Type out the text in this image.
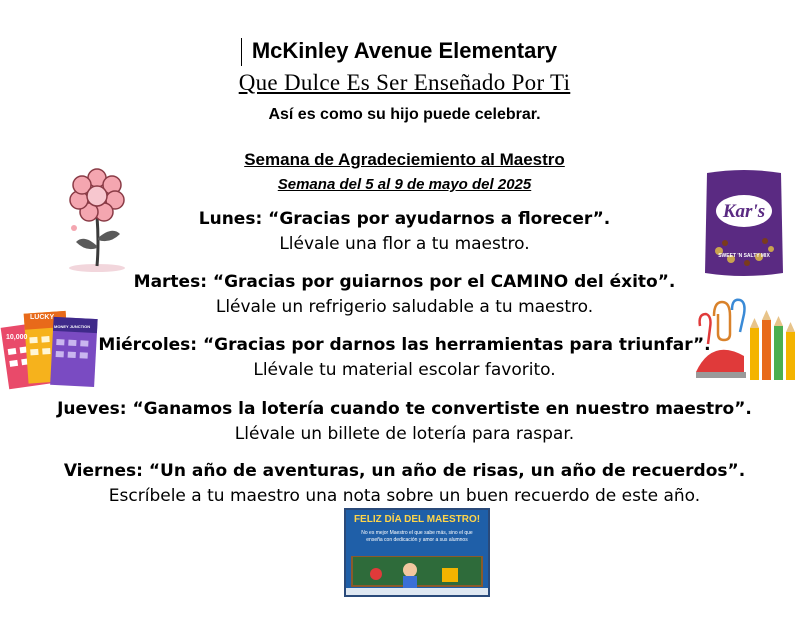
McKinley Avenue Elementary
Que Dulce Es Ser Enseñado Por Ti
Así es como su hijo puede celebrar.
Semana de Agradeciemiento al Maestro
Semana del 5 al 9 de mayo del 2025
Lunes: “Gracias por ayudarnos a florecer”.
Llévale una flor a tu maestro.
Martes: “Gracias por guiarnos por el CAMINO del éxito”.
Llévale un refrigerio saludable a tu maestro.
Miércoles: “Gracias por darnos las herramientas para triunfar”.
Llévale tu material escolar favorito.
Jueves: “Ganamos la lotería cuando te convertiste en nuestro maestro”.
Llévale un billete de lotería para raspar.
Viernes: “Un año de aventuras, un año de risas, un año de recuerdos”.
Escríbele a tu maestro una nota sobre un buen recuerdo de este año.
Kar's
SWEET 'N SALTY MIX
LUCKY
10,000
MONEY JUNCTION
FELIZ DÍA DEL MAESTRO!
No es mejor Maestro el que sabe más, sino el que enseña con dedicación y amor a sus alumnos
